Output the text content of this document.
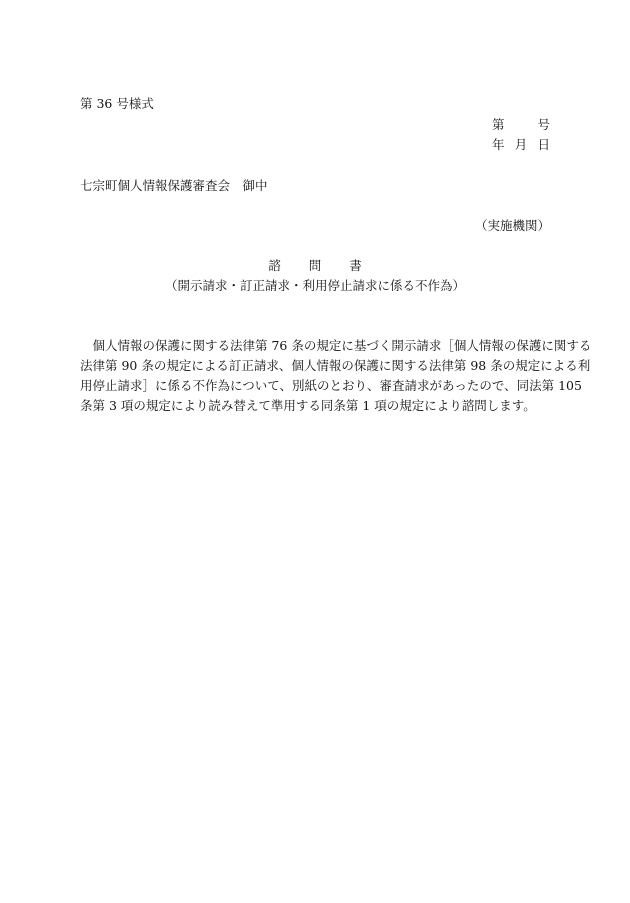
第 36 号様式
第	号
年 月 日
七宗町個人情報保護審査会　御中
（実施機関）
諮 問 書
（開示請求・訂正請求・利用停止請求に係る不作為）
　個人情報の保護に関する法律第 76 条の規定に基づく開示請求［個人情報の保護に関する
法律第 90 条の規定による訂正請求、個人情報の保護に関する法律第 98 条の規定による利
用停止請求］に係る不作為について、別紙のとおり、審査請求があったので、同法第 105
条第 3 項の規定により読み替えて準用する同条第 1 項の規定により諮問します。
